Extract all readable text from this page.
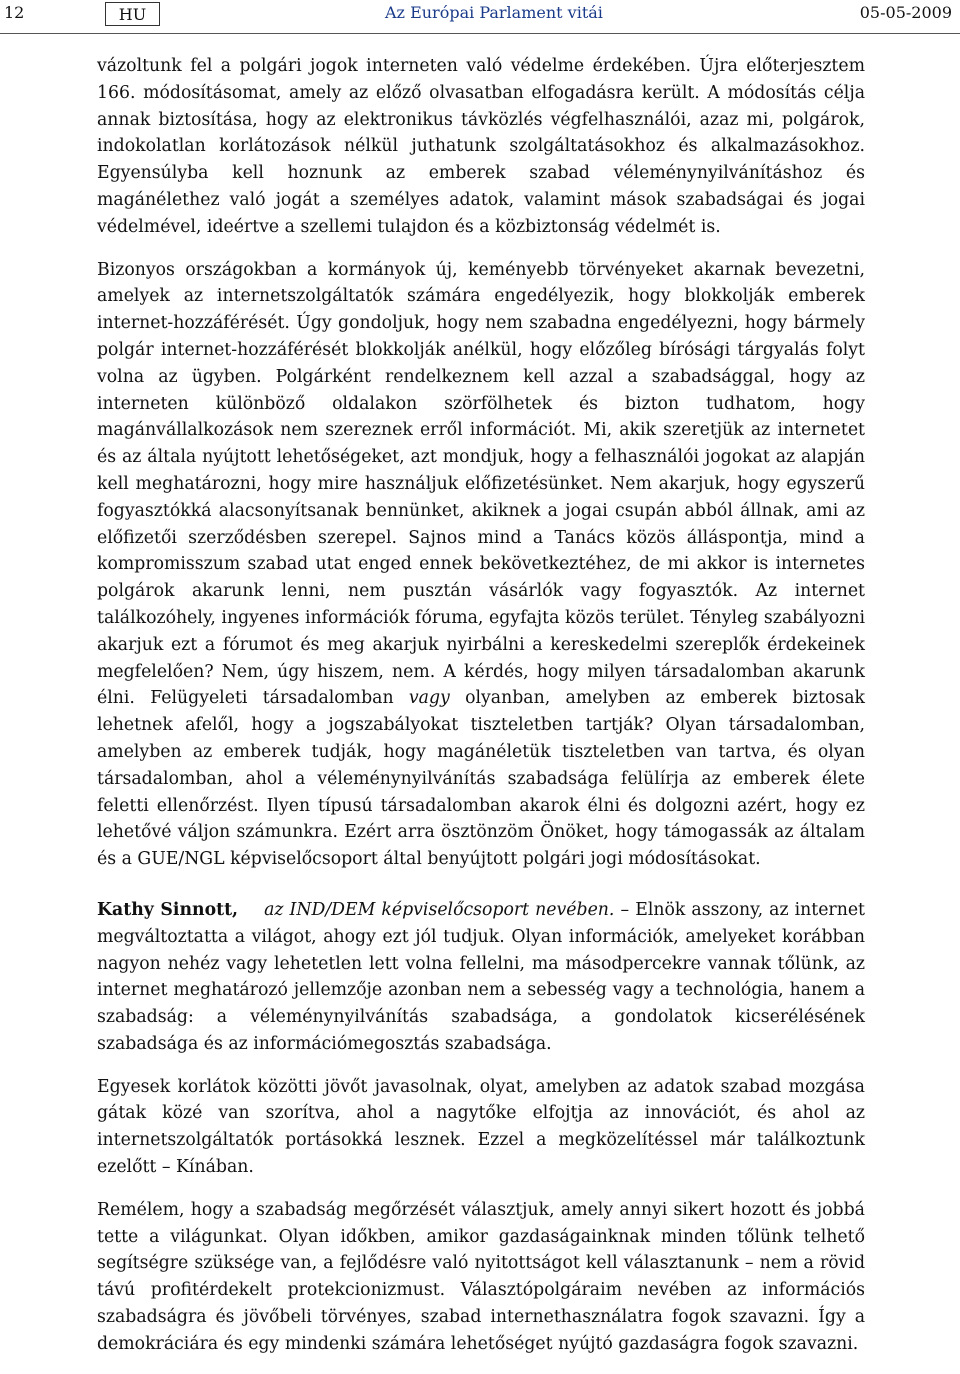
12	HU	Az Európai Parlament vitái	05-05-2009

vázoltunk fel a polgári jogok interneten való védelme érdekében. Újra előterjesztem 166. módosításomat, amely az előző olvasatban elfogadásra került. A módosítás célja annak biztosítása, hogy az elektronikus távközlés végfelhasználói, azaz mi, polgárok, indokolatlan korlátozások nélkül juthatunk szolgáltatásokhoz és alkalmazásokhoz. Egyensúlyba kell hoznunk az emberek szabad véleménynyilvánításhoz és magánélethez való jogát a személyes adatok, valamint mások szabadságai és jogai védelmével, ideértve a szellemi tulajdon és a közbiztonság védelmét is.

Bizonyos országokban a kormányok új, keményebb törvényeket akarnak bevezetni, amelyek az internetszolgáltatók számára engedélyezik, hogy blokkolják emberek internet-hozzáférését. Úgy gondoljuk, hogy nem szabadna engedélyezni, hogy bármely polgár internet-hozzáférését blokkolják anélkül, hogy előzőleg bírósági tárgyalás folyt volna az ügyben. Polgárként rendelkeznem kell azzal a szabadsággal, hogy az interneten különböző oldalakon szörfölhetek és bizton tudhatom, hogy magánvállalkozások nem szereznek erről információt. Mi, akik szeretjük az internetet és az általa nyújtott lehetőségeket, azt mondjuk, hogy a felhasználói jogokat az alapján kell meghatározni, hogy mire használjuk előfizetésünket. Nem akarjuk, hogy egyszerű fogyasztókká alacsonyítsanak bennünket, akiknek a jogai csupán abból állnak, ami az előfizetői szerződésben szerepel. Sajnos mind a Tanács közös álláspontja, mind a kompromisszum szabad utat enged ennek bekövetkeztéhez, de mi akkor is internetes polgárok akarunk lenni, nem pusztán vásárlók vagy fogyasztók. Az internet találkozóhely, ingyenes információk fóruma, egyfajta közös terület. Tényleg szabályozni akarjuk ezt a fórumot és meg akarjuk nyirbálni a kereskedelmi szereplők érdekeinek megfelelően? Nem, úgy hiszem, nem. A kérdés, hogy milyen társadalomban akarunk élni. Felügyeleti társadalomban vagy olyanban, amelyben az emberek biztosak lehetnek afelől, hogy a jogszabályokat tiszteletben tartják? Olyan társadalomban, amelyben az emberek tudják, hogy magánéletük tiszteletben van tartva, és olyan társadalomban, ahol a véleménynyilvánítás szabadsága felülírja az emberek élete feletti ellenőrzést. Ilyen típusú társadalomban akarok élni és dolgozni azért, hogy ez lehetővé váljon számunkra. Ezért arra ösztönzöm Önöket, hogy támogassák az általam és a GUE/NGL képviselőcsoport által benyújtott polgári jogi módosításokat.

Kathy Sinnott, az IND/DEM képviselőcsoport nevében. – Elnök asszony, az internet megváltoztatta a világot, ahogy ezt jól tudjuk. Olyan információk, amelyeket korábban nagyon nehéz vagy lehetetlen lett volna fellelni, ma másodpercekre vannak tőlünk, az internet meghatározó jellemzője azonban nem a sebesség vagy a technológia, hanem a szabadság: a véleménynyilvánítás szabadsága, a gondolatok kicserélésének szabadsága és az információmegosztás szabadsága.

Egyesek korlátok közötti jövőt javasolnak, olyat, amelyben az adatok szabad mozgása gátak közé van szorítva, ahol a nagytőke elfojtja az innovációt, és ahol az internetszolgáltatók portásokká lesznek. Ezzel a megközelítéssel már találkoztunk ezelőtt – Kínában.

Remélem, hogy a szabadság megőrzését választjuk, amely annyi sikert hozott és jobbá tette a világunkat. Olyan időkben, amikor gazdaságainknak minden tőlünk telhető segítségre szüksége van, a fejlődésre való nyitottságot kell választanunk – nem a rövid távú profitérdekelt protekcionizmust. Választópolgáraim nevében az információs szabadságra és jövőbeli törvényes, szabad internethasználatra fogok szavazni. Így a demokráciára és egy mindenki számára lehetőséget nyújtó gazdaságra fogok szavazni.
